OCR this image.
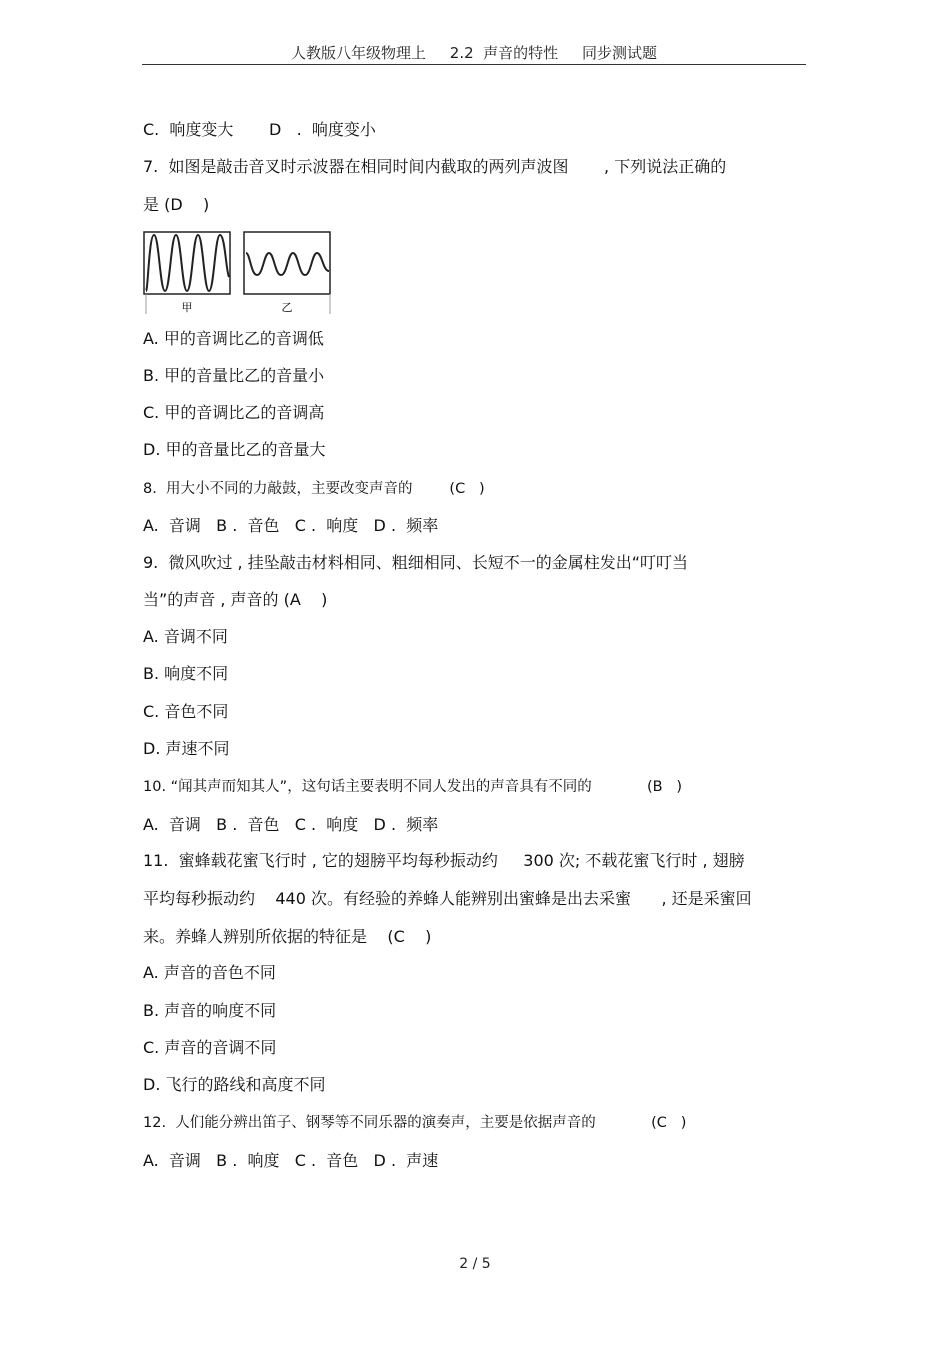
人教版八年级物理上     2.2  声音的特性     同步测试题
C.  响度变大       D   .  响度变小
7.  如图是敲击音叉时示波器在相同时间内截取的两列声波图       , 下列说法正确的
是 (D    )
甲	乙
A. 甲的音调比乙的音调低
B. 甲的音量比乙的音量小
C. 甲的音调比乙的音调高
D. 甲的音量比乙的音量大
8.  用大小不同的力敲鼓，主要改变声音的        (C   )
A.  音调   B .  音色   C .  响度   D .  频率
9.  微风吹过 , 挂坠敲击材料相同、粗细相同、长短不一的金属柱发出“叮叮当
当”的声音 , 声音的 (A    )
A. 音调不同
B. 响度不同
C. 音色不同
D. 声速不同
10. “闻其声而知其人”，这句话主要表明不同人发出的声音具有不同的            (B   )
A.  音调   B .  音色   C .  响度   D .  频率
11.  蜜蜂载花蜜飞行时 , 它的翅膀平均每秒振动约     300 次; 不载花蜜飞行时 , 翅膀
平均每秒振动约    440 次。有经验的养蜂人能辨别出蜜蜂是出去采蜜      , 还是采蜜回
来。养蜂人辨别所依据的特征是    (C    )
A. 声音的音色不同
B. 声音的响度不同
C. 声音的音调不同
D. 飞行的路线和高度不同
12.  人们能分辨出笛子、钢琴等不同乐器的演奏声，主要是依据声音的            (C   )
A.  音调   B .  响度   C .  音色   D .  声速
2 / 5
